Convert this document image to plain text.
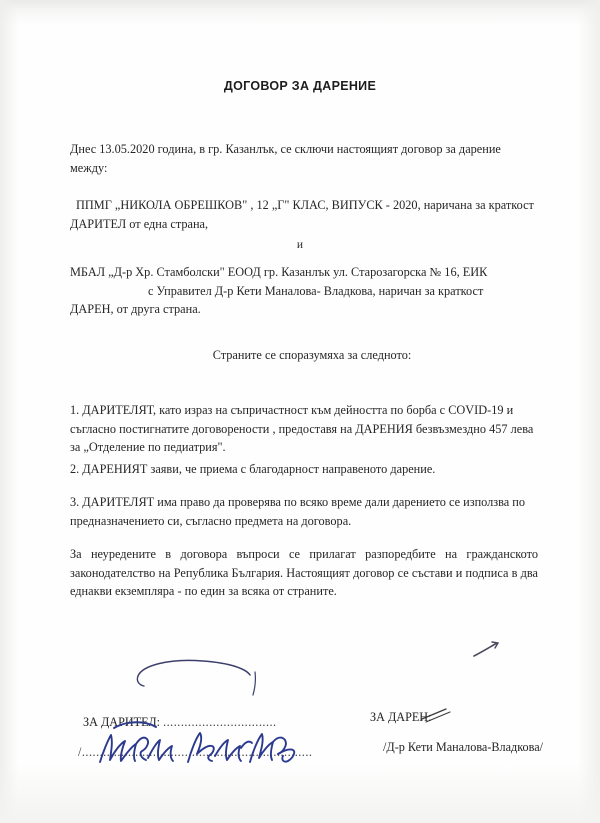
ДОГОВОР ЗА ДАРЕНИЕ
Днес 13.05.2020 година, в гр. Казанлък, се сключи настоящият договор за дарение между:
ППМГ „НИКОЛА ОБРЕШКОВ" , 12 „Г" КЛАС, ВИПУСК - 2020, наричана за краткост ДАРИТЕЛ от една страна,
и
МБАЛ „Д-р Хр. Стамболски" ЕООД гр. Казанлък ул. Старозагорска № 16, ЕИК
с Управител Д-р Кети Маналова- Владкова, наричан за краткост
ДАРЕН, от друга страна.
Страните се споразумяха за следното:
1. ДАРИТЕЛЯТ, като израз на съпричастност към дейността по борба с COVID-19 и съгласно постигнатите договорености , предоставя на ДАРЕНИЯ безвъзмездно 457 лева за „Отделение по педиатрия".
2. ДАРЕНИЯТ заяви, че приема с благодарност направеното дарение.
3. ДАРИТЕЛЯТ има право да проверява по всяко време дали дарението се използва по предназначението си, съгласно предмета на договора.
За неуредените в договора въпроси се прилагат разпоредбите на гражданското законодателство на Република България. Настоящият договор се състави и подписа в два еднакви екземпляра - по един за всяка от страните.
ЗА ДАРИТЕЛ: ................................
/.................................................................
ЗА ДАРЕН:
/Д-р Кети Маналова-Владкова/
